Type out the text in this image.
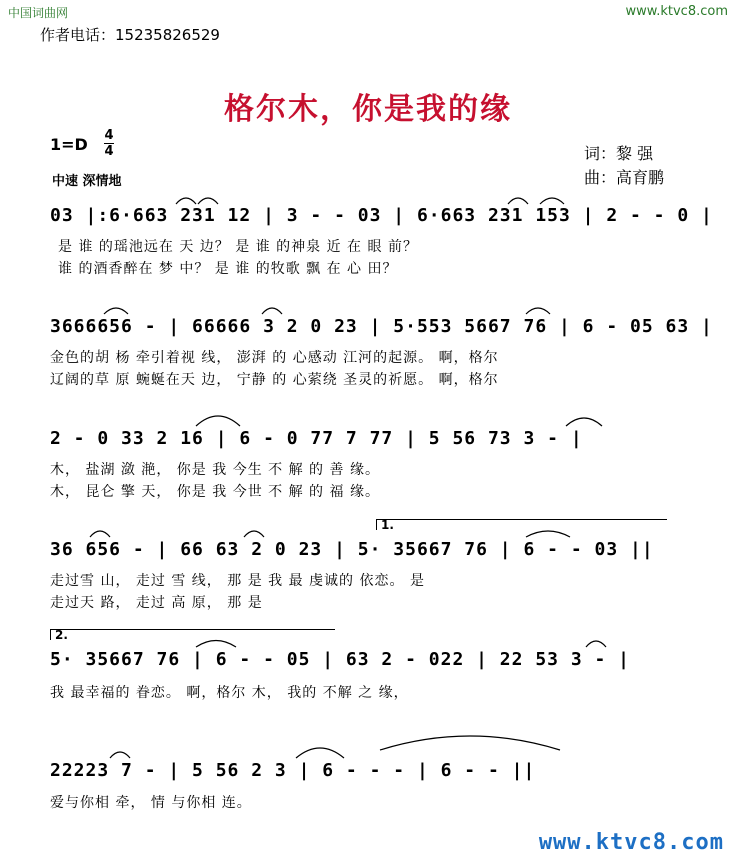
中国词曲网	www.ktvc8.com
作者电话：15235826529
格尔木，你是我的缘
1=D 4
4
中速 深情地
词：黎 强
曲：高育鹏
03 |:6·663 231 12 | 3 - - 03 | 6·663 231 153 | 2 - - 0 |
是 谁 的瑶池远在 天 边？ 是 谁 的神泉 近 在 眼 前？
谁 的酒香醉在 梦 中？ 是 谁 的牧歌 飘 在 心 田？
3666656 - | 66666 3 2 0 23 | 5·553 5667 76 | 6 - 05 63 |
金色的胡 杨 牵引着视 线， 澎湃 的 心感动 江河的起源。 啊，格尔
辽阔的草 原 蜿蜒在天 边， 宁静 的 心萦绕 圣灵的祈愿。 啊，格尔
2 - 0 33 2 16 | 6 - 0 77 7 77 | 5 56 73 3 - |
木， 盐湖 潋 滟， 你是 我 今生 不 解 的 善 缘。
木， 昆仑 擎 天， 你是 我 今世 不 解 的 福 缘。
1.
36 656 - | 66 63 2 0 23 | 5· 35667 76 | 6 - - 03 ||
走过雪 山， 走过 雪 线， 那 是 我 最 虔诚的 依恋。 是
走过天 路， 走过 高 原， 那 是
2.
5· 35667 76 | 6 - - 05 | 63 2 - 022 | 22 53 3 - |
我 最幸福的 眷恋。 啊，格尔 木， 我的 不解 之 缘，
22223 7 - | 5 56 2 3 | 6 - - - | 6 - - ||
爱与你相 牵， 情 与你相 连。
www.ktvc8.com
